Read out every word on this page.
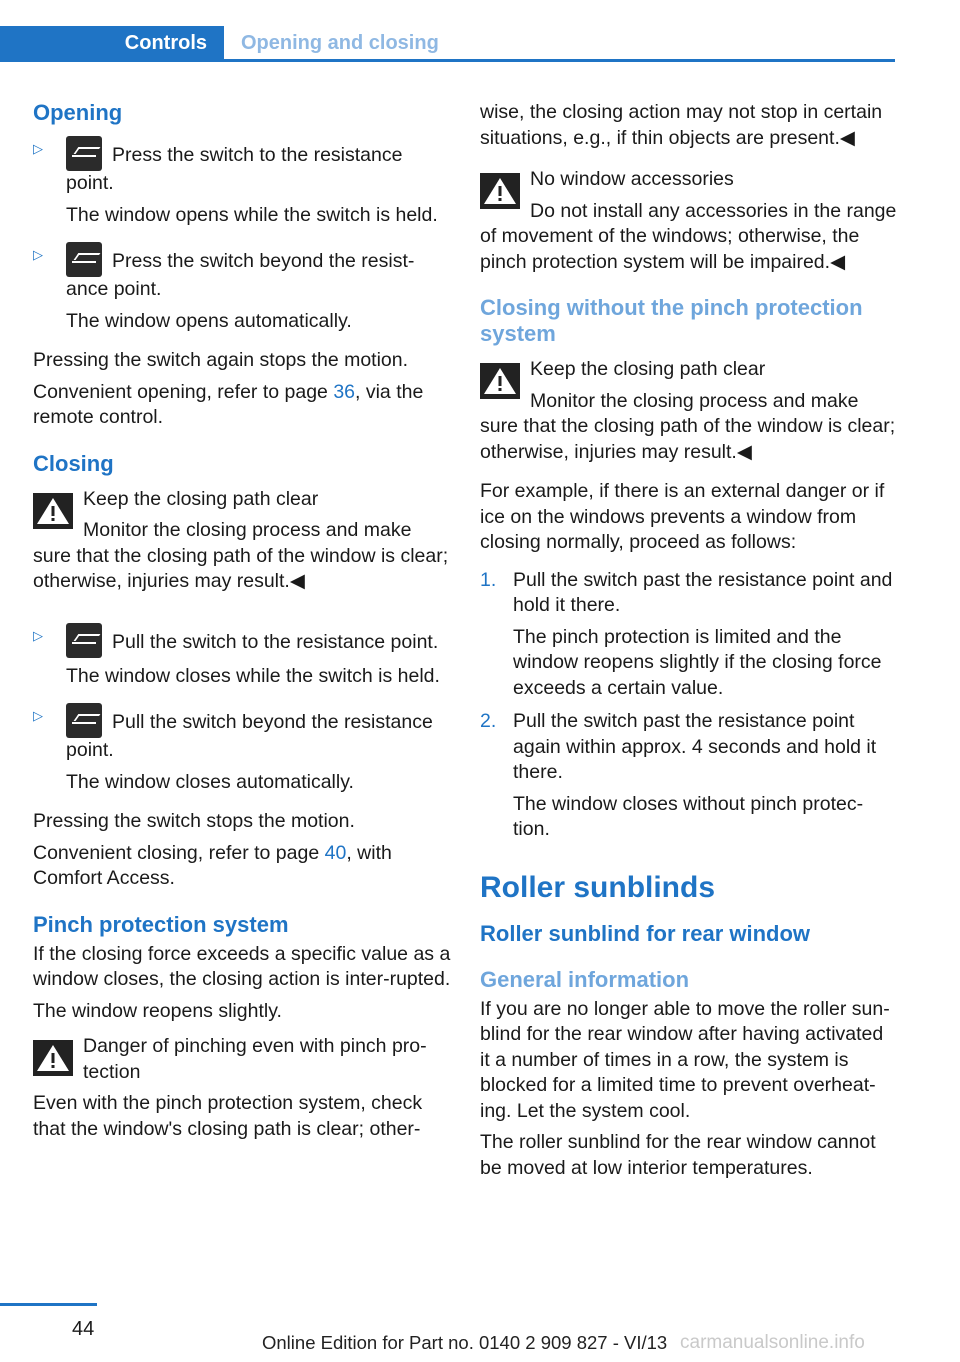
Controls Opening and closing
Opening
▷	Press the switch to the resistance point.

The window opens while the switch is held.

▷	Press the switch beyond the resist‐ance point.

The window opens automatically.

Pressing the switch again stops the motion.

Convenient opening, refer to page 36, via the remote control.

Closing

Keep the closing path clear

Monitor the closing process and make sure that the closing path of the window is clear; otherwise, injuries may result.◀

▷	Pull the switch to the resistance point.

The window closes while the switch is held.

▷	Pull the switch beyond the resistance point.

The window closes automatically.

Pressing the switch stops the motion.

Convenient closing, refer to page 40, with Comfort Access.

Pinch protection system

If the closing force exceeds a specific value as a window closes, the closing action is inter‐rupted.

The window reopens slightly.

Danger of pinching even with pinch pro‐tection

Even with the pinch protection system, check that the window's closing path is clear; other‐

wise, the closing action may not stop in certain situations, e.g., if thin objects are present.◀

No window accessories

Do not install any accessories in the range of movement of the windows; otherwise, the pinch protection system will be impaired.◀

Closing without the pinch protection system

Keep the closing path clear

Monitor the closing process and make sure that the closing path of the window is clear; otherwise, injuries may result.◀

For example, if there is an external danger or if ice on the windows prevents a window from closing normally, proceed as follows:

1. Pull the switch past the resistance point and hold it there.

The pinch protection is limited and the window reopens slightly if the closing force exceeds a certain value.

2. Pull the switch past the resistance point again within approx. 4 seconds and hold it there.

The window closes without pinch protec‐tion.

Roller sunblinds
Roller sunblind for rear window
General information

If you are no longer able to move the roller sun‐blind for the rear window after having activated it a number of times in a row, the system is blocked for a limited time to prevent overheat‐ing. Let the system cool.

The roller sunblind for the rear window cannot be moved at low interior temperatures.

44
Online Edition for Part no. 0140 2 909 827 - VI/13 carmanualsonline.info
